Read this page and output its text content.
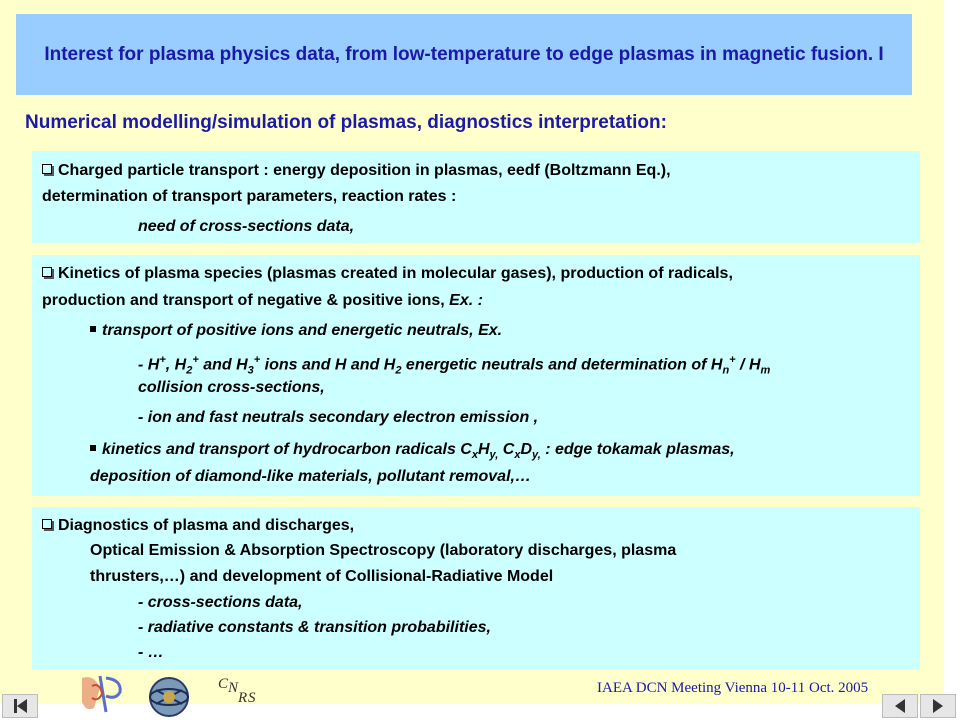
Interest for plasma physics data, from low-temperature to edge plasmas in magnetic fusion. I
Numerical modelling/simulation of plasmas, diagnostics interpretation:
Charged particle transport : energy deposition in plasmas, eedf (Boltzmann Eq.),
determination of transport parameters, reaction rates :
need of cross-sections data,
Kinetics of plasma species (plasmas created in molecular gases), production of radicals,
production and transport of negative & positive ions, Ex. :
transport of positive ions and energetic neutrals, Ex.
- H+, $H_2^+$ and $H_3^+$ ions and H and $H_2$ energetic neutrals and determination of $H_n^+ / H_m$
collision cross-sections,
- ion and fast neutrals secondary electron emission ,
kinetics and transport of hydrocarbon radicals $C_xH_{y,}$ $C_xD_{y,}$ : edge tokamak plasmas,
deposition of diamond-like materials, pollutant removal,…
Diagnostics of plasma and discharges,
Optical Emission & Absorption Spectroscopy (laboratory discharges, plasma
thrusters,…) and development of Collisional-Radiative Model
- cross-sections data,
- radiative constants & transition probabilities,
- …
C N
R S
IAEA DCN Meeting Vienna 10-11 Oct. 2005
